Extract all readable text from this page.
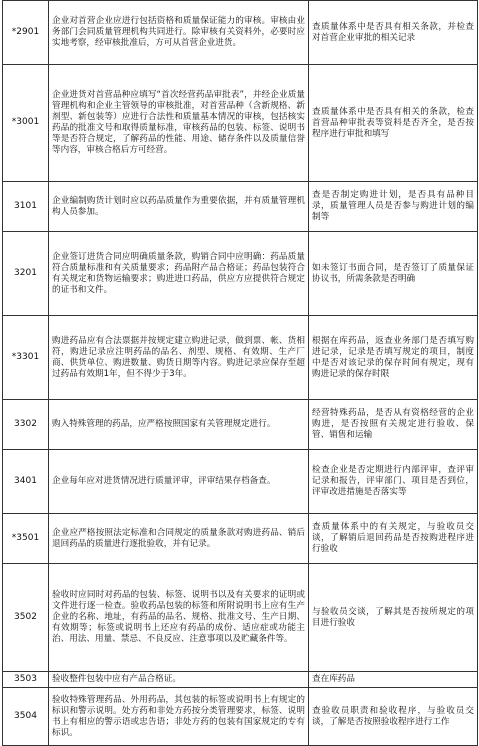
*2901	企业对首营企业应进行包括资格和质量保证能力的审核。审核由业务部门会同质量管理机构共同进行。除审核有关资料外，必要时应实地考察，经审核批准后，方可从首营企业进货。	查质量体系中是否具有相关条款，并检查对首营企业审批的相关记录
*3001	企业进货对首营品种应填写“首次经营药品审批表”，并经企业质量管理机构和企业主管领导的审核批准，对首营品种（含新规格、新剂型、新包装等）应进行合法性和质量基本情况的审核，包括核实药品的批准文号和取得质量标准，审核药品的包装、标签、说明书等是否符合规定，了解药品的性能、用途、储存条件以及质量信誉等内容，审核合格后方可经营。	查质量体系中是否具有相关的条款，检查首营品种审批表等资料是否齐全，是否按程序进行审批和填写
3101	企业编制购货计划时应以药品质量作为重要依据，并有质量管理机构人员参加。	查是否制定购进计划，是否具有品种目录，质量管理人员是否参与购进计划的编制等
3201	企业签订进货合同应明确质量条款，购销合同中应明确：药品质量符合质量标准和有关质量要求；药品附产品合格证；药品包装符合有关规定和货物运输要求；购进进口药品，供应方应提供符合规定的证书和文件。	如未签订书面合同，是否签订了质量保证协议书，所需条款是否明确
*3301	购进药品应有合法票据并按规定建立购进记录，做到票、帐、货相符，购进记录应注明药品的品名、剂型、规格、有效期、生产厂商、供货单位、购进数量、购货日期等内容。购进记录应保存至超过药品有效期1年，但不得少于3年。	根据在库药品，返查业务部门是否填写购进记录，记录是否填写规定的项目，制度中是否对该记录的保存时间有规定，现有购进记录的保存时限
3302	购入特殊管理的药品，应严格按照国家有关管理规定进行。	经营特殊药品，是否从有资格经营的企业购进，是否按照有关规定进行验收、保管、销售和运输
3401	企业每年应对进货情况进行质量评审，评审结果存档备查。	检查企业是否定期进行内部评审，查评审记录和报告，评审部门、项目是否到位，评审改进措施是否落实等
*3501	企业应严格按照法定标准和合同规定的质量条款对购进药品、销后退回药品的质量进行逐批验收，并有记录。	查质量体系中的有关规定，与验收员交谈，了解销后退回药品是否按购进程序进行验收
3502	验收时应同时对药品的包装、标签、说明书以及有关要求的证明或文件进行逐一检查。验收药品包装的标签和所附说明书上应有生产企业的名称、地址，有药品的品名、规格、批准文号、生产日期、有效期等；标签或说明书上还应有药品的成份、适应症或功能主治、用法、用量、禁忌、不良反应、注意事项以及贮藏条件等。	与验收员交谈，了解其是否按所规定的项目进行验收
3503	验收整件包装中应有产品合格证。	查在库药品
3504	验收特殊管理药品、外用药品，其包装的标签或说明书上有规定的标识和警示说明。处方药和非处方药按分类管理要求，标签、说明书上有相应的警示语或忠告语；非处方药的包装有国家规定的专有标识。	查验收员职责和验收程序，与验收员交谈，了解是否按照验收程序进行工作
